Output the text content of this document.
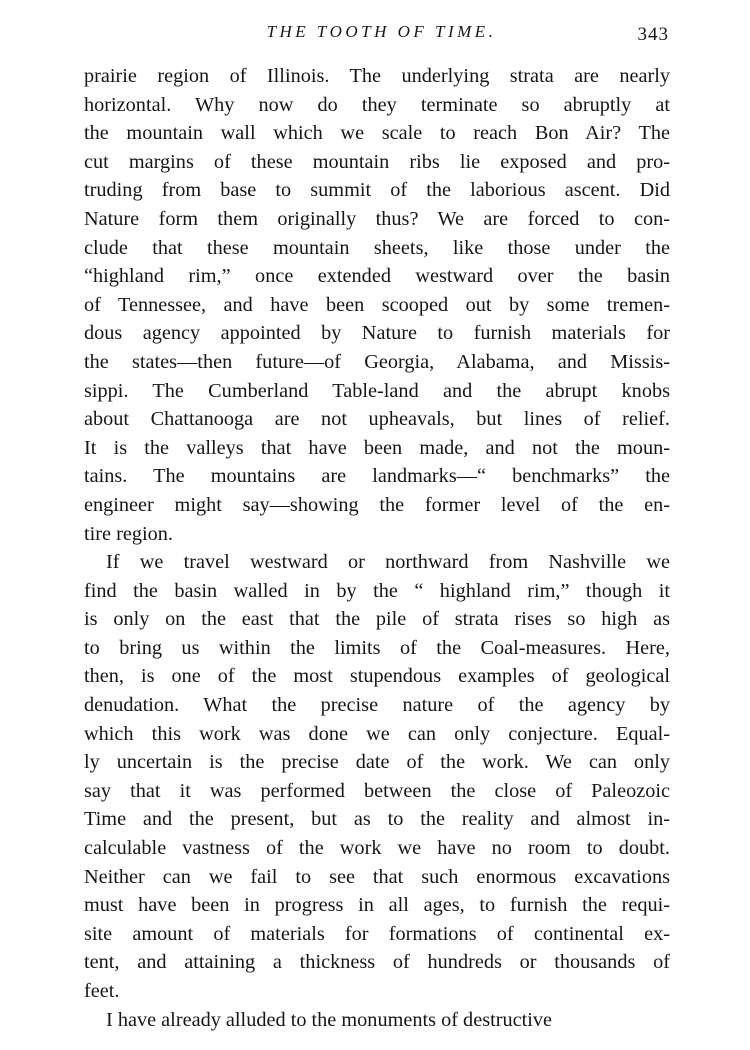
THE TOOTH OF TIME.	343
prairie region of Illinois. The underlying strata are nearly
horizontal. Why now do they terminate so abruptly at
the mountain wall which we scale to reach Bon Air? The
cut margins of these mountain ribs lie exposed and pro-
truding from base to summit of the laborious ascent. Did
Nature form them originally thus? We are forced to con-
clude that these mountain sheets, like those under the
“highland rim,” once extended westward over the basin
of Tennessee, and have been scooped out by some tremen-
dous agency appointed by Nature to furnish materials for
the states—then future—of Georgia, Alabama, and Missis-
sippi. The Cumberland Table-land and the abrupt knobs
about Chattanooga are not upheavals, but lines of relief.
It is the valleys that have been made, and not the moun-
tains. The mountains are landmarks—“ benchmarks” the
engineer might say—showing the former level of the en-
tire region.
If we travel westward or northward from Nashville we
find the basin walled in by the “ highland rim,” though it
is only on the east that the pile of strata rises so high as
to bring us within the limits of the Coal-measures. Here,
then, is one of the most stupendous examples of geological
denudation. What the precise nature of the agency by
which this work was done we can only conjecture. Equal-
ly uncertain is the precise date of the work. We can only
say that it was performed between the close of Paleozoic
Time and the present, but as to the reality and almost in-
calculable vastness of the work we have no room to doubt.
Neither can we fail to see that such enormous excavations
must have been in progress in all ages, to furnish the requi-
site amount of materials for formations of continental ex-
tent, and attaining a thickness of hundreds or thousands of
feet.
I have already alluded to the monuments of destructive
